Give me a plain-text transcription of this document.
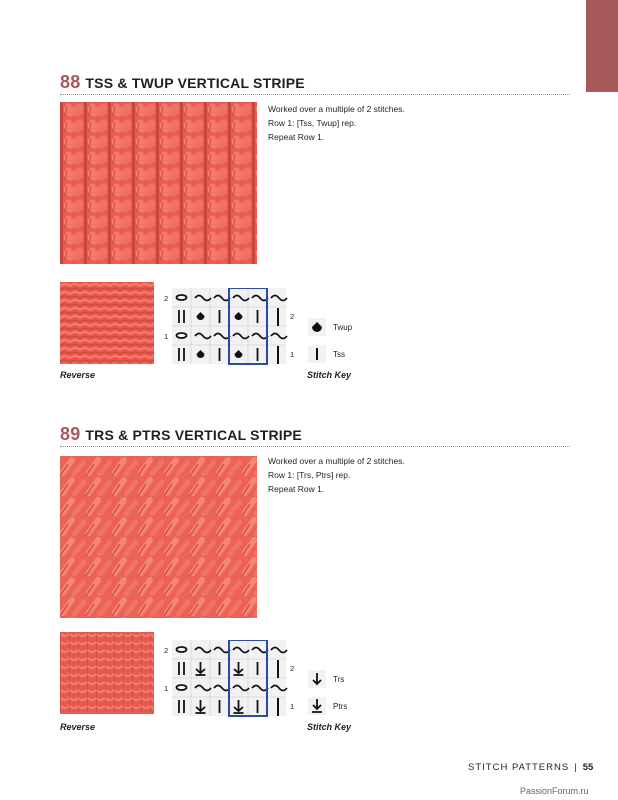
88 TSS & TWUP VERTICAL STRIPE
Worked over a multiple of 2 stitches.
Row 1: [Tss, Twup] rep.
Repeat Row 1.
2
1
2
1
Twup
Tss
Reverse	Stitch Key
89 TRS & PTRS VERTICAL STRIPE
Worked over a multiple of 2 stitches.
Row 1: [Trs, Ptrs] rep.
Repeat Row 1.
2
1
2
1
Trs
Ptrs
Reverse	Stitch Key
STITCH PATTERNS | 55
PassionForum.ru
